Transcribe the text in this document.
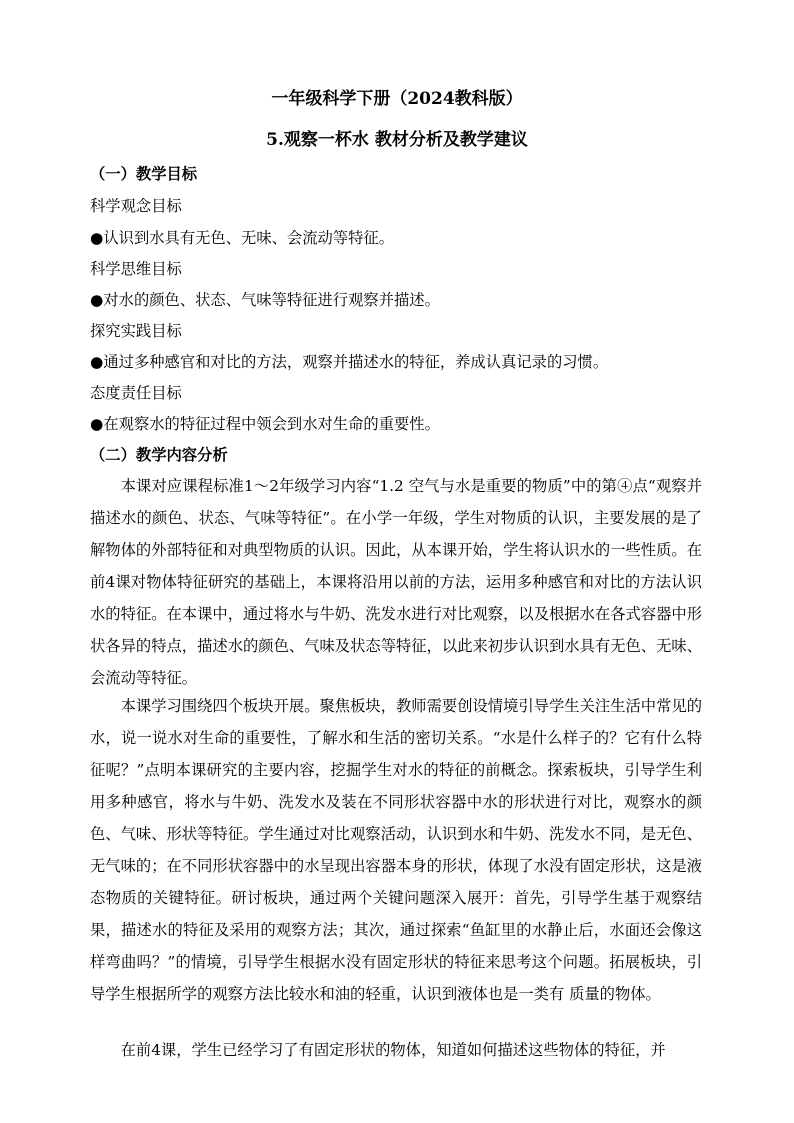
一年级科学下册（2024教科版）
5.观察一杯水 教材分析及教学建议
（一）教学目标
科学观念目标
●认识到水具有无色、无味、会流动等特征。
科学思维目标
●对水的颜色、状态、气味等特征进行观察并描述。
探究实践目标
●通过多种感官和对比的方法，观察并描述水的特征，养成认真记录的习惯。
态度责任目标
●在观察水的特征过程中领会到水对生命的重要性。
（二）教学内容分析
本课对应课程标准1～2年级学习内容“1.2 空气与水是重要的物质”中的第④点“观察并描述水的颜色、状态、气味等特征”。在小学一年级，学生对物质的认识，主要发展的是了解物体的外部特征和对典型物质的认识。因此，从本课开始，学生将认识水的一些性质。在前4课对物体特征研究的基础上，本课将沿用以前的方法，运用多种感官和对比的方法认识水的特征。在本课中，通过将水与牛奶、洗发水进行对比观察，以及根据水在各式容器中形状各异的特点，描述水的颜色、气味及状态等特征，以此来初步认识到水具有无色、无味、会流动等特征。
本课学习围绕四个板块开展。聚焦板块，教师需要创设情境引导学生关注生活中常见的水，说一说水对生命的重要性，了解水和生活的密切关系。“水是什么样子的？它有什么特征呢？”点明本课研究的主要内容，挖掘学生对水的特征的前概念。探索板块，引导学生利用多种感官，将水与牛奶、洗发水及装在不同形状容器中水的形状进行对比，观察水的颜色、气味、形状等特征。学生通过对比观察活动，认识到水和牛奶、洗发水不同，是无色、无气味的；在不同形状容器中的水呈现出容器本身的形状，体现了水没有固定形状，这是液态物质的关键特征。研讨板块，通过两个关键问题深入展开：首先，引导学生基于观察结果，描述水的特征及采用的观察方法；其次，通过探索“鱼缸里的水静止后，水面还会像这样弯曲吗？”的情境，引导学生根据水没有固定形状的特征来思考这个问题。拓展板块，引导学生根据所学的观察方法比较水和油的轻重，认识到液体也是一类有 质量的物体。
在前4课，学生已经学习了有固定形状的物体，知道如何描述这些物体的特征，并
